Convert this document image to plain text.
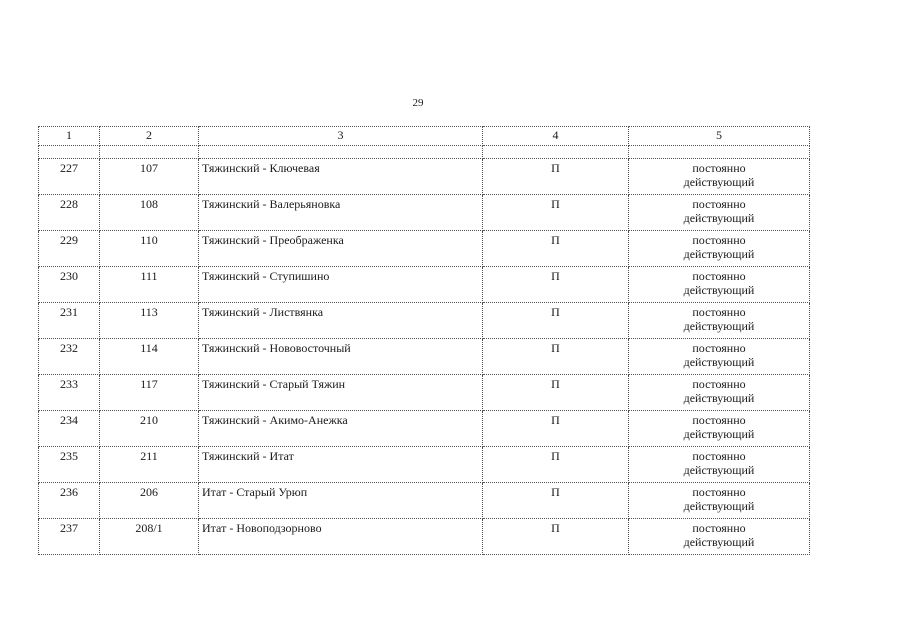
29
1	2	3	4	5

227	107	Тяжинский - Ключевая	П	постоянно
действующий

228	108	Тяжинский - Валерьяновка	П	постоянно
действующий

229	110	Тяжинский - Преображенка	П	постоянно
действующий

230	111	Тяжинский - Ступишино	П	постоянно
действующий

231	113	Тяжинский - Листвянка	П	постоянно
действующий

232	114	Тяжинский - Нововосточный	П	постоянно
действующий

233	117	Тяжинский - Старый Тяжин	П	постоянно
действующий

234	210	Тяжинский - Акимо-Анежка	П	постоянно
действующий

235	211	Тяжинский - Итат	П	постоянно
действующий

236	206	Итат - Старый Урюп	П	постоянно
действующий

237	208/1	Итат - Новоподзорново	П	постоянно
действующий
